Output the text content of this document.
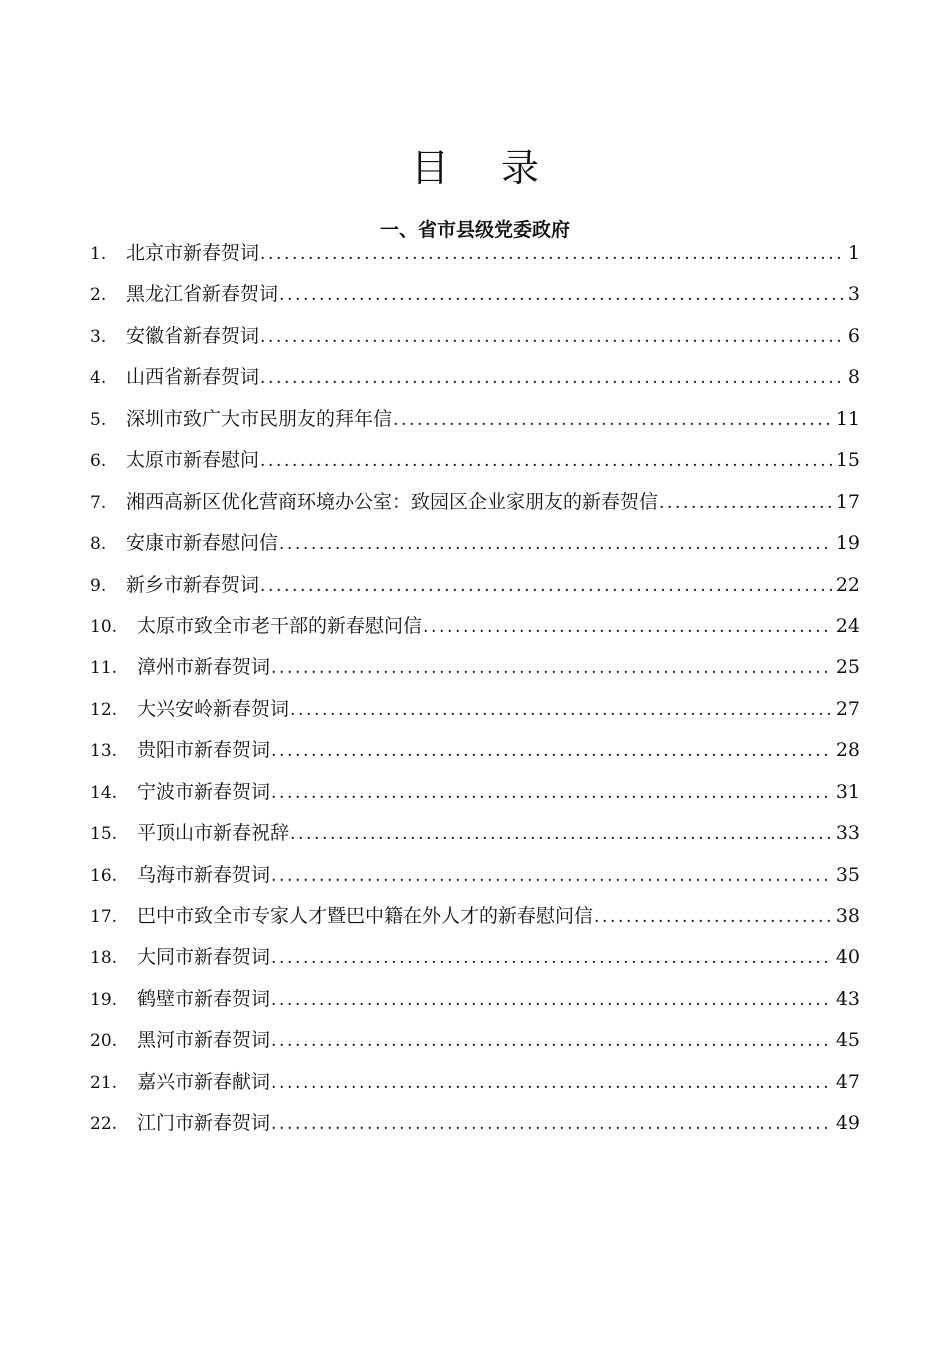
目 录
一、省市县级党委政府
1.	北京市新春贺词 .....	1
2.	黑龙江省新春贺词 .....	3
3.	安徽省新春贺词 .....	6
4.	山西省新春贺词 .....	8
5.	深圳市致广大市民朋友的拜年信 .....	11
6.	太原市新春慰问 .....	15
7.	湘西高新区优化营商环境办公室：致园区企业家朋友的新春贺信 .....	17
8.	安康市新春慰问信 .....	19
9.	新乡市新春贺词 .....	22
10.	太原市致全市老干部的新春慰问信 .....	24
11.	漳州市新春贺词 .....	25
12.	大兴安岭新春贺词 .....	27
13.	贵阳市新春贺词 .....	28
14.	宁波市新春贺词 .....	31
15.	平顶山市新春祝辞 .....	33
16.	乌海市新春贺词 .....	35
17.	巴中市致全市专家人才暨巴中籍在外人才的新春慰问信 .....	38
18.	大同市新春贺词 .....	40
19.	鹤壁市新春贺词 .....	43
20.	黑河市新春贺词 .....	45
21.	嘉兴市新春献词 .....	47
22.	江门市新春贺词 .....	49
